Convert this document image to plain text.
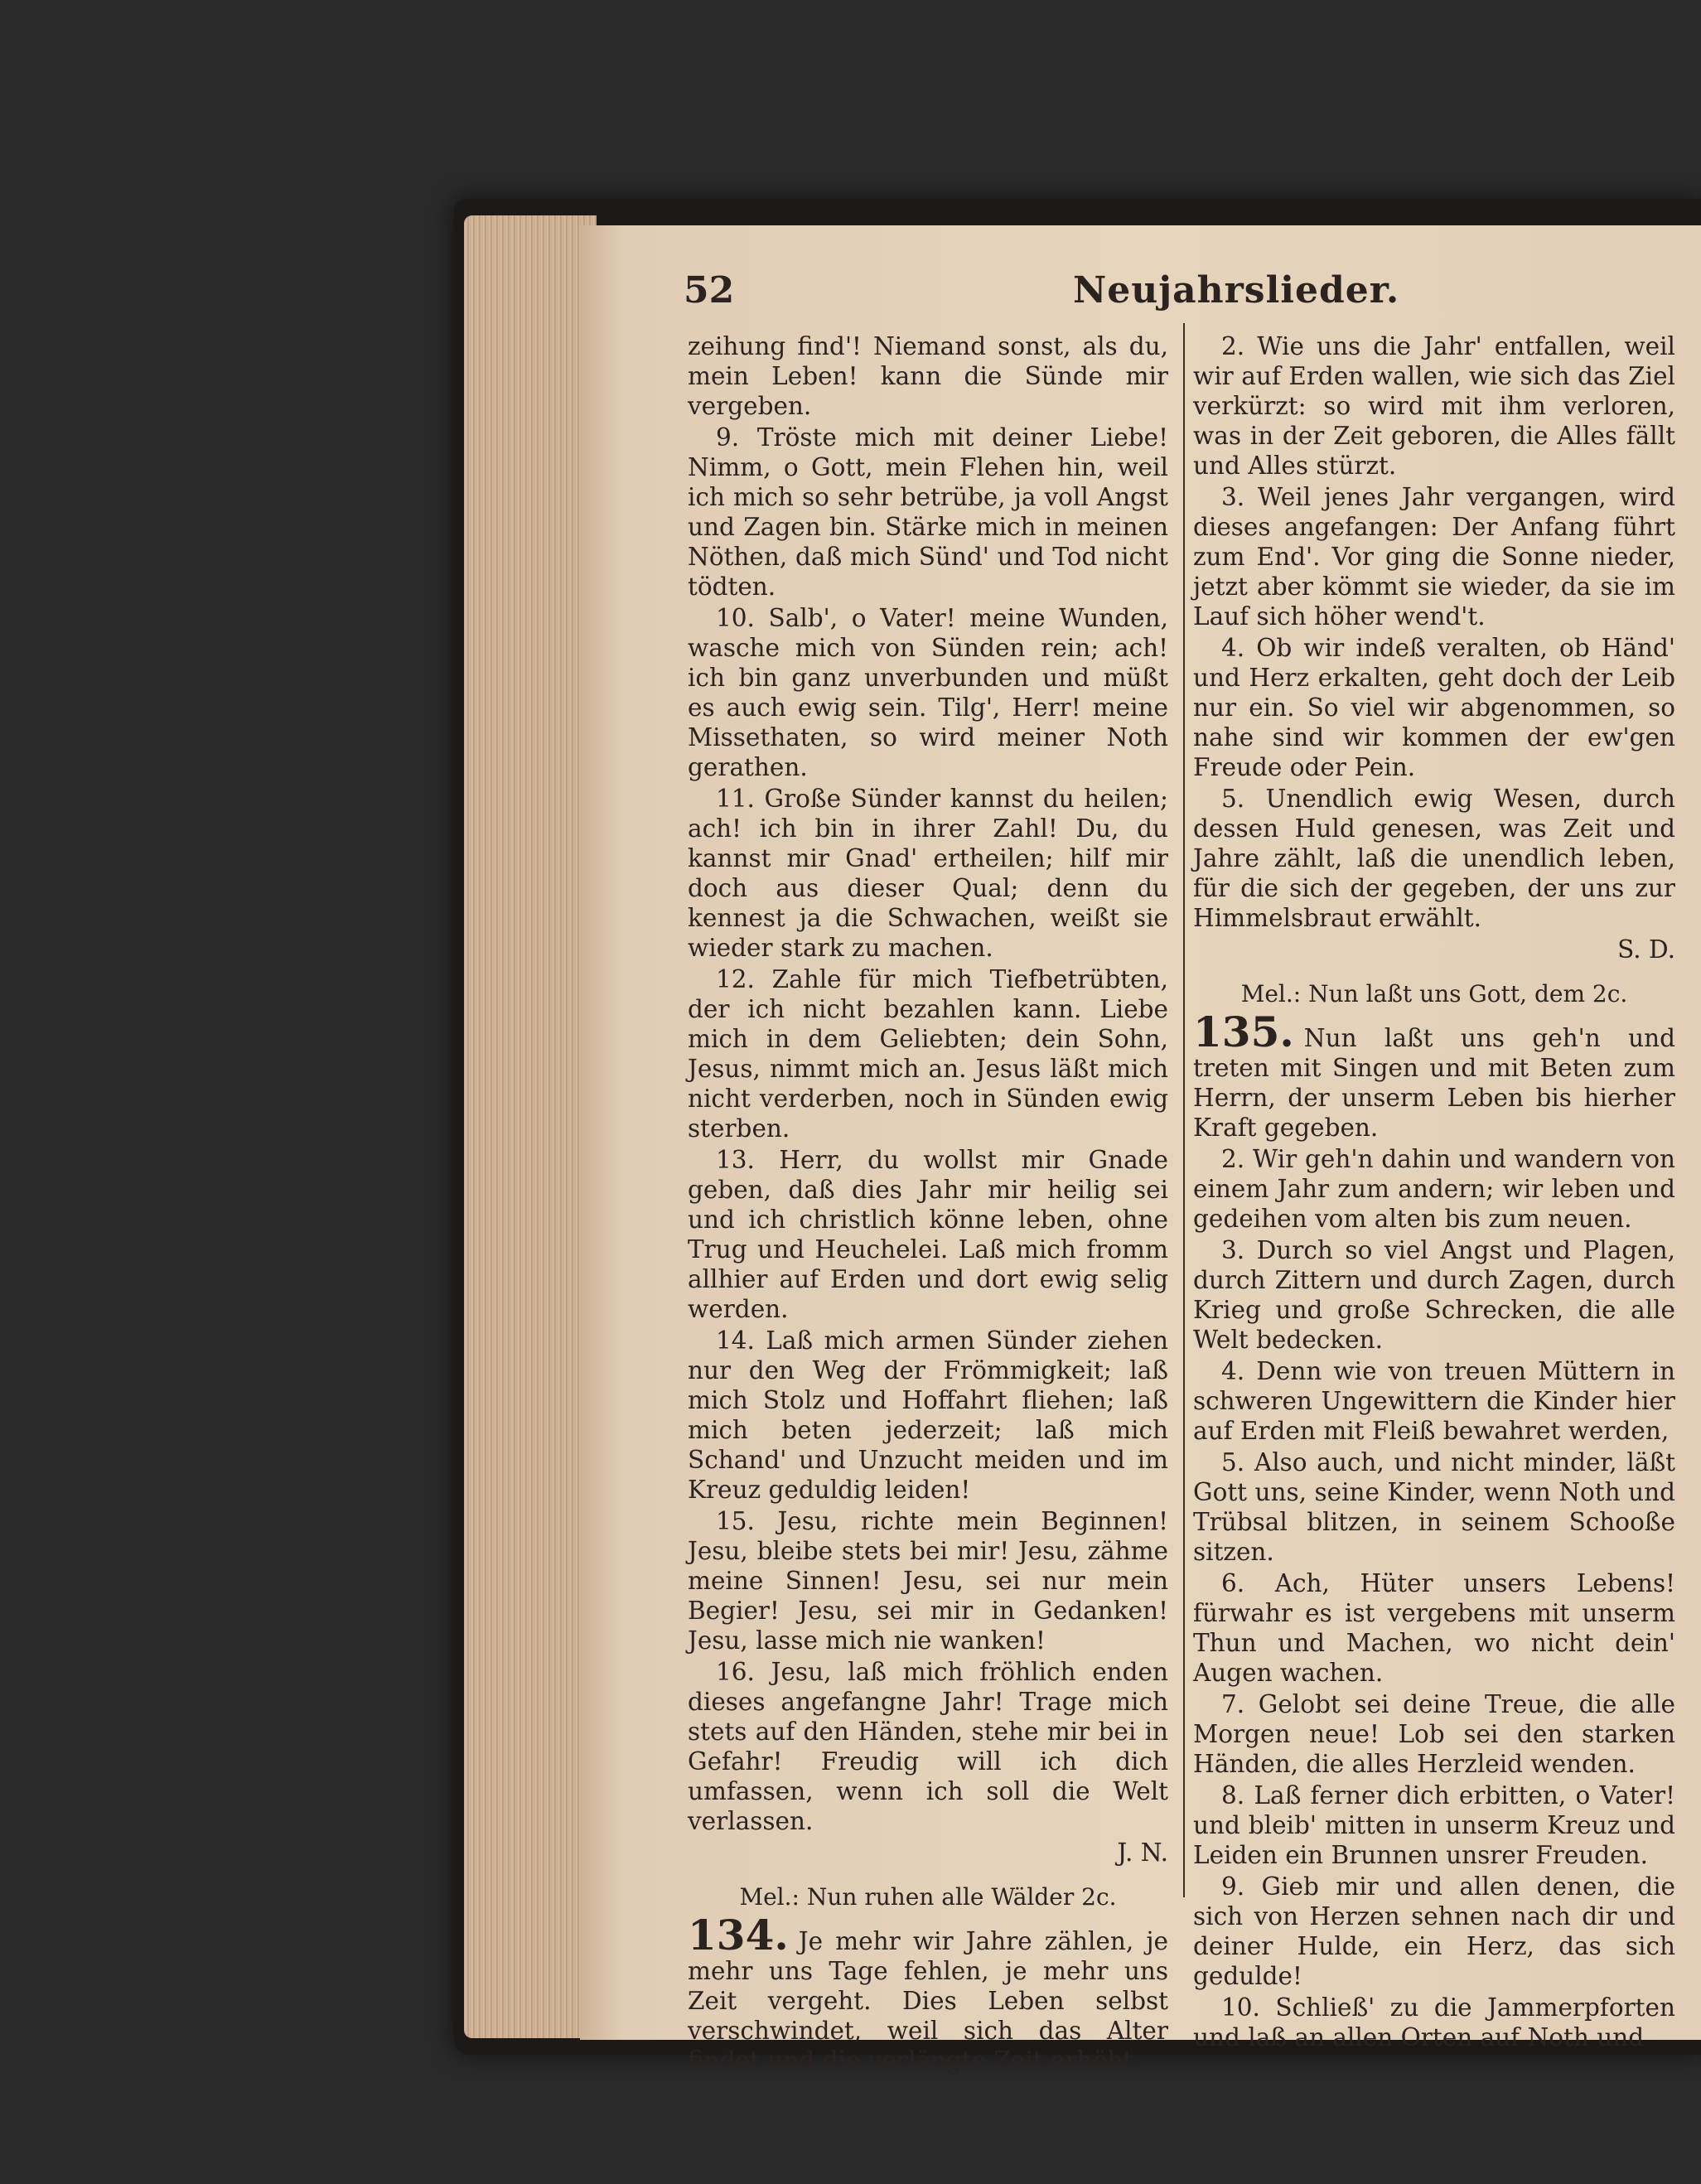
52	Neujahrslieder.
zeihung find'! Niemand sonst, als du, mein Leben! kann die Sünde mir vergeben.
9. Tröste mich mit deiner Liebe! Nimm, o Gott, mein Flehen hin, weil ich mich so sehr betrübe, ja voll Angst und Zagen bin. Stärke mich in meinen Nöthen, daß mich Sünd' und Tod nicht tödten.
10. Salb', o Vater! meine Wunden, wasche mich von Sünden rein; ach! ich bin ganz unverbunden und müßt es auch ewig sein. Tilg', Herr! meine Missethaten, so wird meiner Noth gerathen.
11. Große Sünder kannst du heilen; ach! ich bin in ihrer Zahl! Du, du kannst mir Gnad' ertheilen; hilf mir doch aus dieser Qual; denn du kennest ja die Schwachen, weißt sie wieder stark zu machen.
12. Zahle für mich Tiefbetrübten, der ich nicht bezahlen kann. Liebe mich in dem Geliebten; dein Sohn, Jesus, nimmt mich an. Jesus läßt mich nicht verderben, noch in Sünden ewig sterben.
13. Herr, du wollst mir Gnade geben, daß dies Jahr mir heilig sei und ich christlich könne leben, ohne Trug und Heuchelei. Laß mich fromm allhier auf Erden und dort ewig selig werden.
14. Laß mich armen Sünder ziehen nur den Weg der Frömmigkeit; laß mich Stolz und Hoffahrt fliehen; laß mich beten jederzeit; laß mich Schand' und Unzucht meiden und im Kreuz geduldig leiden!
15. Jesu, richte mein Beginnen! Jesu, bleibe stets bei mir! Jesu, zähme meine Sinnen! Jesu, sei nur mein Begier! Jesu, sei mir in Gedanken! Jesu, lasse mich nie wanken!
16. Jesu, laß mich fröhlich enden dieses angefangne Jahr! Trage mich stets auf den Händen, stehe mir bei in Gefahr! Freudig will ich dich umfassen, wenn ich soll die Welt verlassen.
J. N.
Mel.: Nun ruhen alle Wälder 2c.
134. Je mehr wir Jahre zählen, je mehr uns Tage fehlen, je mehr uns Zeit vergeht. Dies Leben selbst verschwindet, weil sich das Alter findet und die verlängte Zeit erhöht.
2. Wie uns die Jahr' entfallen, weil wir auf Erden wallen, wie sich das Ziel verkürzt: so wird mit ihm verloren, was in der Zeit geboren, die Alles fällt und Alles stürzt.
3. Weil jenes Jahr vergangen, wird dieses angefangen: Der Anfang führt zum End'. Vor ging die Sonne nieder, jetzt aber kömmt sie wieder, da sie im Lauf sich höher wend't.
4. Ob wir indeß veralten, ob Händ' und Herz erkalten, geht doch der Leib nur ein. So viel wir abgenommen, so nahe sind wir kommen der ew'gen Freude oder Pein.
5. Unendlich ewig Wesen, durch dessen Huld genesen, was Zeit und Jahre zählt, laß die unendlich leben, für die sich der gegeben, der uns zur Himmelsbraut erwählt.
S. D.
Mel.: Nun laßt uns Gott, dem 2c.
135. Nun laßt uns geh'n und treten mit Singen und mit Beten zum Herrn, der unserm Leben bis hierher Kraft gegeben.
2. Wir geh'n dahin und wandern von einem Jahr zum andern; wir leben und gedeihen vom alten bis zum neuen.
3. Durch so viel Angst und Plagen, durch Zittern und durch Zagen, durch Krieg und große Schrecken, die alle Welt bedecken.
4. Denn wie von treuen Müttern in schweren Ungewittern die Kinder hier auf Erden mit Fleiß bewahret werden,
5. Also auch, und nicht minder, läßt Gott uns, seine Kinder, wenn Noth und Trübsal blitzen, in seinem Schooße sitzen.
6. Ach, Hüter unsers Lebens! fürwahr es ist vergebens mit unserm Thun und Machen, wo nicht dein' Augen wachen.
7. Gelobt sei deine Treue, die alle Morgen neue! Lob sei den starken Händen, die alles Herzleid wenden.
8. Laß ferner dich erbitten, o Vater! und bleib' mitten in unserm Kreuz und Leiden ein Brunnen unsrer Freuden.
9. Gieb mir und allen denen, die sich von Herzen sehnen nach dir und deiner Hulde, ein Herz, das sich gedulde!
10. Schließ' zu die Jammerpforten und laß an allen Orten auf Noth und
